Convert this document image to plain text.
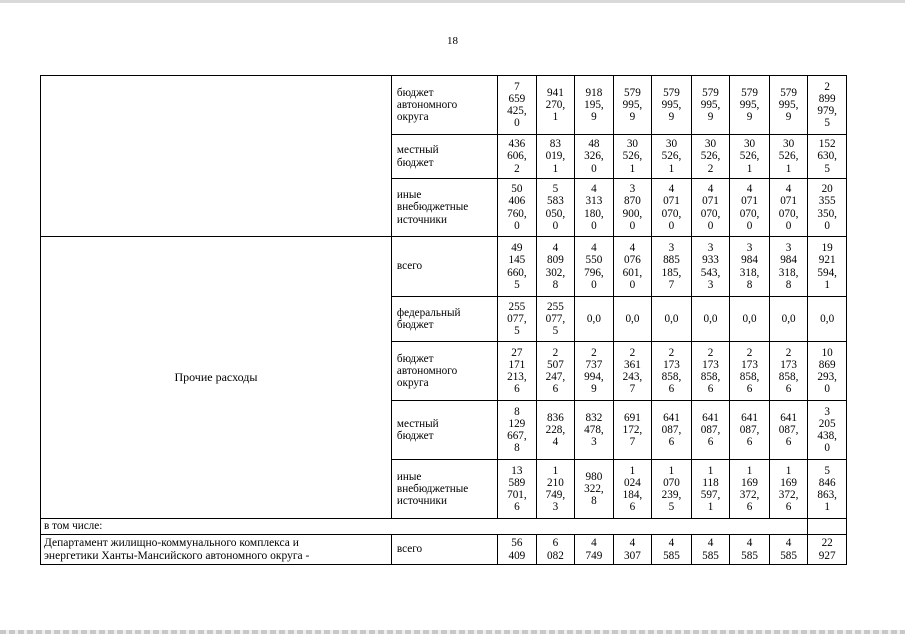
18
	бюджет
автономного
округа	7
659
425,
0	941
270,
1	918
195,
9	579
995,
9	579
995,
9	579
995,
9	579
995,
9	579
995,
9	2
899
979,
5
	местный
бюджет	436
606,
2	83
019,
1	48
326,
0	30
526,
1	30
526,
1	30
526,
2	30
526,
1	30
526,
1	152
630,
5
	иные
внебюджетные
источники	50
406
760,
0	5
583
050,
0	4
313
180,
0	3
870
900,
0	4
071
070,
0	4
071
070,
0	4
071
070,
0	4
071
070,
0	20
355
350,
0
Прочие расходы	всего	49
145
660,
5	4
809
302,
8	4
550
796,
0	4
076
601,
0	3
885
185,
7	3
933
543,
3	3
984
318,
8	3
984
318,
8	19
921
594,
1
	федеральный
бюджет	255
077,
5	255
077,
5	0,0	0,0	0,0	0,0	0,0	0,0	0,0
	бюджет
автономного
округа	27
171
213,
6	2
507
247,
6	2
737
994,
9	2
361
243,
7	2
173
858,
6	2
173
858,
6	2
173
858,
6	2
173
858,
6	10
869
293,
0
	местный
бюджет	8
129
667,
8	836
228,
4	832
478,
3	691
172,
7	641
087,
6	641
087,
6	641
087,
6	641
087,
6	3
205
438,
0
	иные
внебюджетные
источники	13
589
701,
6	1
210
749,
3	980
322,
8	1
024
184,
6	1
070
239,
5	1
118
597,
1	1
169
372,
6	1
169
372,
6	5
846
863,
1
в том числе:										
Департамент жилищно-коммунального комплекса и
энергетики Ханты-Мансийского автономного округа -	всего	56
409	6
082	4
749	4
307	4
585	4
585	4
585	4
585	22
927
